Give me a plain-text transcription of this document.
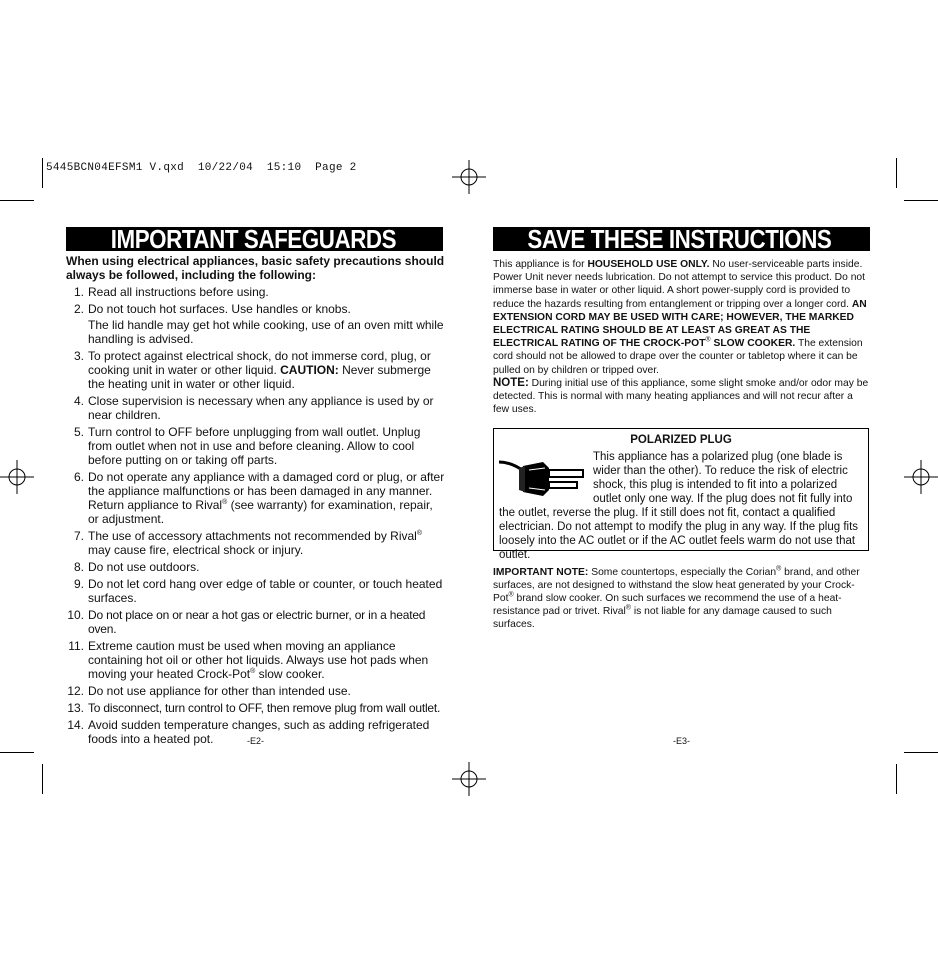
5445BCN04EFSM1 V.qxd  10/22/04  15:10  Page 2
IMPORTANT SAFEGUARDS
When using electrical appliances, basic safety precautions should always be followed, including the following:
1. Read all instructions before using.
2. Do not touch hot surfaces. Use handles or knobs.
The lid handle may get hot while cooking, use of an oven mitt while handling is advised.
3. To protect against electrical shock, do not immerse cord, plug, or cooking unit in water or other liquid. CAUTION: Never submerge the heating unit in water or other liquid.
4. Close supervision is necessary when any appliance is used by or near children.
5. Turn control to OFF before unplugging from wall outlet. Unplug from outlet when not in use and before cleaning. Allow to cool before putting on or taking off parts.
6. Do not operate any appliance with a damaged cord or plug, or after the appliance malfunctions or has been damaged in any manner. Return appliance to Rival® (see warranty) for examination, repair, or adjustment.
7. The use of accessory attachments not recommended by Rival® may cause fire, electrical shock or injury.
8. Do not use outdoors.
9. Do not let cord hang over edge of table or counter, or touch heated surfaces.
10. Do not place on or near a hot gas or electric burner, or in a heated oven.
11. Extreme caution must be used when moving an appliance containing hot oil or other hot liquids. Always use hot pads when moving your heated Crock-Pot® slow cooker.
12. Do not use appliance for other than intended use.
13. To disconnect, turn control to OFF, then remove plug from wall outlet.
14. Avoid sudden temperature changes, such as adding refrigerated foods into a heated pot.	-E2-
SAVE THESE INSTRUCTIONS
This appliance is for HOUSEHOLD USE ONLY. No user-serviceable parts inside. Power Unit never needs lubrication. Do not attempt to service this product. Do not immerse base in water or other liquid. A short power-supply cord is provided to reduce the hazards resulting from entanglement or tripping over a longer cord. AN EXTENSION CORD MAY BE USED WITH CARE; HOWEVER, THE MARKED ELECTRICAL RATING SHOULD BE AT LEAST AS GREAT AS THE ELECTRICAL RATING OF THE CROCK-POT® SLOW COOKER. The extension cord should not be allowed to drape over the counter or tabletop where it can be pulled on by children or tripped over.
NOTE: During initial use of this appliance, some slight smoke and/or odor may be detected. This is normal with many heating appliances and will not recur after a few uses.
POLARIZED PLUG
This appliance has a polarized plug (one blade is wider than the other). To reduce the risk of electric shock, this plug is intended to fit into a polarized outlet only one way. If the plug does not fit fully into the outlet, reverse the plug. If it still does not fit, contact a qualified electrician. Do not attempt to modify the plug in any way. If the plug fits loosely into the AC outlet or if the AC outlet feels warm do not use that outlet.
IMPORTANT NOTE: Some countertops, especially the Corian® brand, and other surfaces, are not designed to withstand the slow heat generated by your Crock-Pot® brand slow cooker. On such surfaces we recommend the use of a heat-resistance pad or trivet. Rival® is not liable for any damage caused to such surfaces.
-E3-
